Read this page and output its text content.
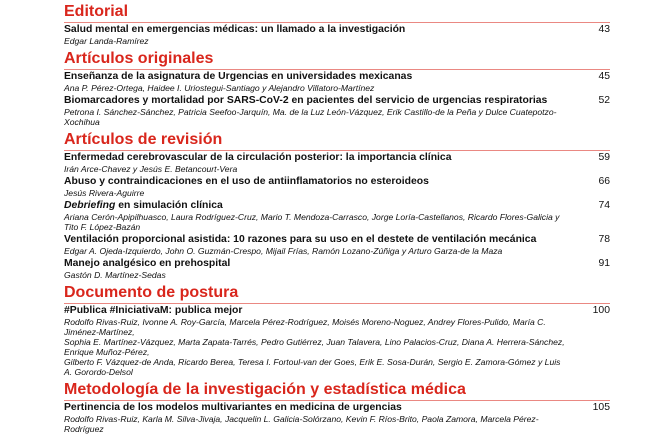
Editorial
Salud mental en emergencias médicas: un llamado a la investigación
Edgar Landa-Ramírez
43
Artículos originales
Enseñanza de la asignatura de Urgencias en universidades mexicanas
Ana P. Pérez-Ortega, Haidee I. Uriostegui-Santiago y Alejandro Villatoro-Martínez
45
Biomarcadores y mortalidad por SARS-CoV-2 en pacientes del servicio de urgencias respiratorias
Petrona I. Sánchez-Sánchez, Patricia Seefoo-Jarquín, Ma. de la Luz León-Vázquez, Erik Castillo-de la Peña y Dulce Cuatepotzo-Xochihua
52
Artículos de revisión
Enfermedad cerebrovascular de la circulación posterior: la importancia clínica
Irán Arce-Chavez y Jesús E. Betancourt-Vera
59
Abuso y contraindicaciones en el uso de antiinflamatorios no esteroideos
Jesús Rivera-Aguirre
66
Debriefing en simulación clínica
Ariana Cerón-Apipilhuasco, Laura Rodríguez-Cruz, Mario T. Mendoza-Carrasco, Jorge Loría-Castellanos, Ricardo Flores-Galicia y Tito F. López-Bazán
74
Ventilación proporcional asistida: 10 razones para su uso en el destete de ventilación mecánica
Edgar A. Ojeda-Izquierdo, John O. Guzmán-Crespo, Mijail Frías, Ramón Lozano-Zúñiga y Arturo Garza-de la Maza
78
Manejo analgésico en prehospital
Gastón D. Martínez-Sedas
91
Documento de postura
#Publica #IniciativaM: publica mejor
Rodolfo Rivas-Ruiz, Ivonne A. Roy-García, Marcela Pérez-Rodríguez, Moisés Moreno-Noguez, Andrey Flores-Pulido, María C. Jiménez-Martínez,
Sophia E. Martínez-Vázquez, Marta Zapata-Tarrés, Pedro Gutiérrez, Juan Talavera, Lino Palacios-Cruz, Diana A. Herrera-Sánchez, Enrique Muñoz-Pérez,
Gilberto F. Vázquez-de Anda, Ricardo Berea, Teresa I. Fortoul-van der Goes, Erik E. Sosa-Durán, Sergio E. Zamora-Gómez y Luis A. Gorordo-Delsol
100
Metodología de la investigación y estadística médica
Pertinencia de los modelos multivariantes en medicina de urgencias
Rodolfo Rivas-Ruiz, Karla M. Silva-Jivaja, Jacquelin L. Galicia-Solórzano, Kevin F. Ríos-Brito, Paola Zamora, Marcela Pérez-Rodríguez
105
